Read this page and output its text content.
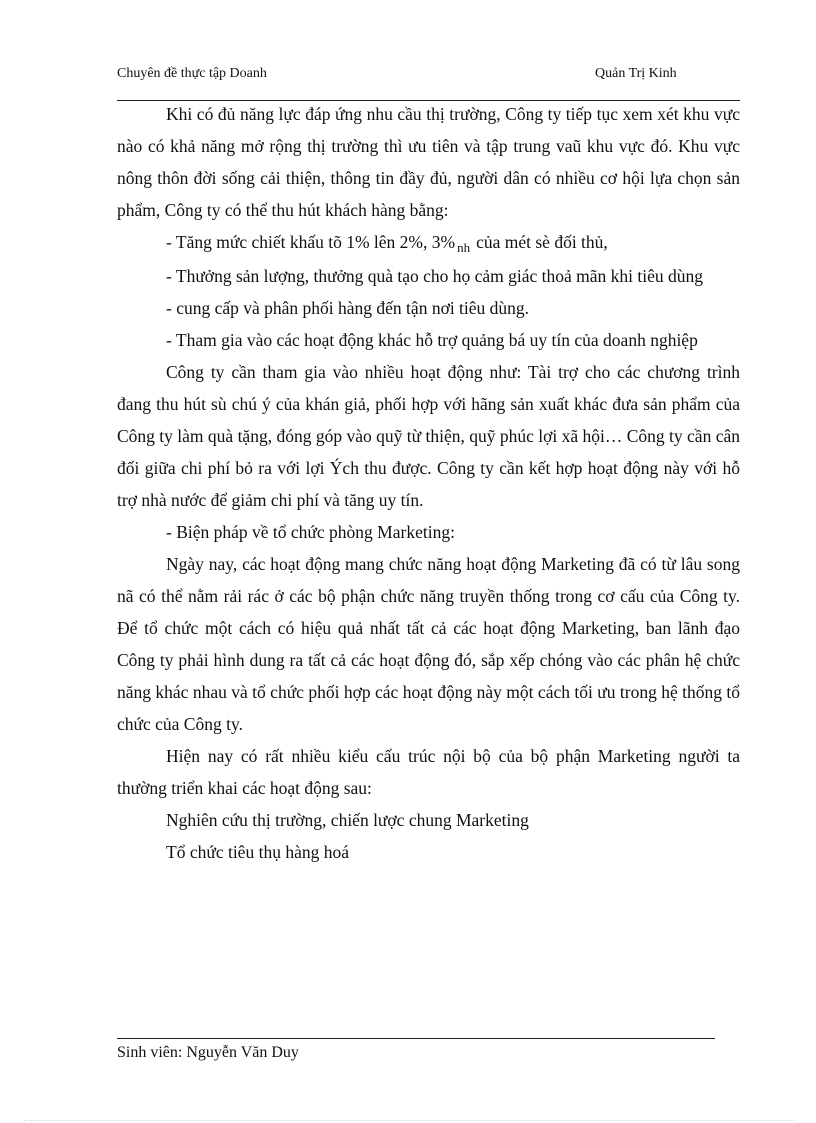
Chuyên đề thực tập Doanh	Quản Trị Kinh

Khi có đủ năng lực đáp ứng nhu cầu thị trường, Công ty tiếp tục xem xét khu vực nào có khả năng mở rộng thị trường thì ưu tiên và tập trung vaũ khu vực đó. Khu vực nông thôn đời sống cải thiện, thông tin đầy đủ, người dân có nhiều cơ hội lựa chọn sản phẩm, Công ty có thể thu hút khách hàng bằng:

- Tăng mức chiết khấu tõ 1% lên 2%, 3% $_{nh}$ của mét sè đối thủ,

- Thưởng sản lượng, thưởng quà tạo cho họ cảm giác thoả mãn khi tiêu dùng

- cung cấp và phân phối hàng đến tận nơi tiêu dùng.

- Tham gia vào các hoạt động khác hỗ trợ quảng bá uy tín của doanh nghiệp

Công ty cần tham gia vào nhiều hoạt động như: Tài trợ cho các chương trình đang thu hút sù chú ý của khán giả, phối hợp với hãng sản xuất khác đưa sản phẩm của Công ty làm quà tặng, đóng góp vào quỹ từ thiện, quỹ phúc lợi xã hội… Công ty cần cân đối giữa chi phí bỏ ra với lợi Ých thu được. Công ty cần kết hợp hoạt động này với hỗ trợ nhà nước để giảm chi phí và tăng uy tín.

- Biện pháp về tổ chức phòng Marketing:

Ngày nay, các hoạt động mang chức năng hoạt động Marketing đã có từ lâu song nã có thể nằm rải rác ở các bộ phận chức năng truyền thống trong cơ cấu của Công ty. Để tổ chức một cách có hiệu quả nhất tất cả các hoạt động Marketing, ban lãnh đạo Công ty phải hình dung ra tất cả các hoạt động đó, sắp xếp chóng vào các phân hệ chức năng khác nhau và tổ chức phối hợp các hoạt động này một cách tối ưu trong hệ thống tổ chức của Công ty.

Hiện nay có rất nhiều kiểu cấu trúc nội bộ của bộ phận Marketing người ta thường triển khai các hoạt động sau:

Nghiên cứu thị trường, chiến lược chung Marketing

Tổ chức tiêu thụ hàng hoá

Sinh viên: Nguyễn Văn Duy
